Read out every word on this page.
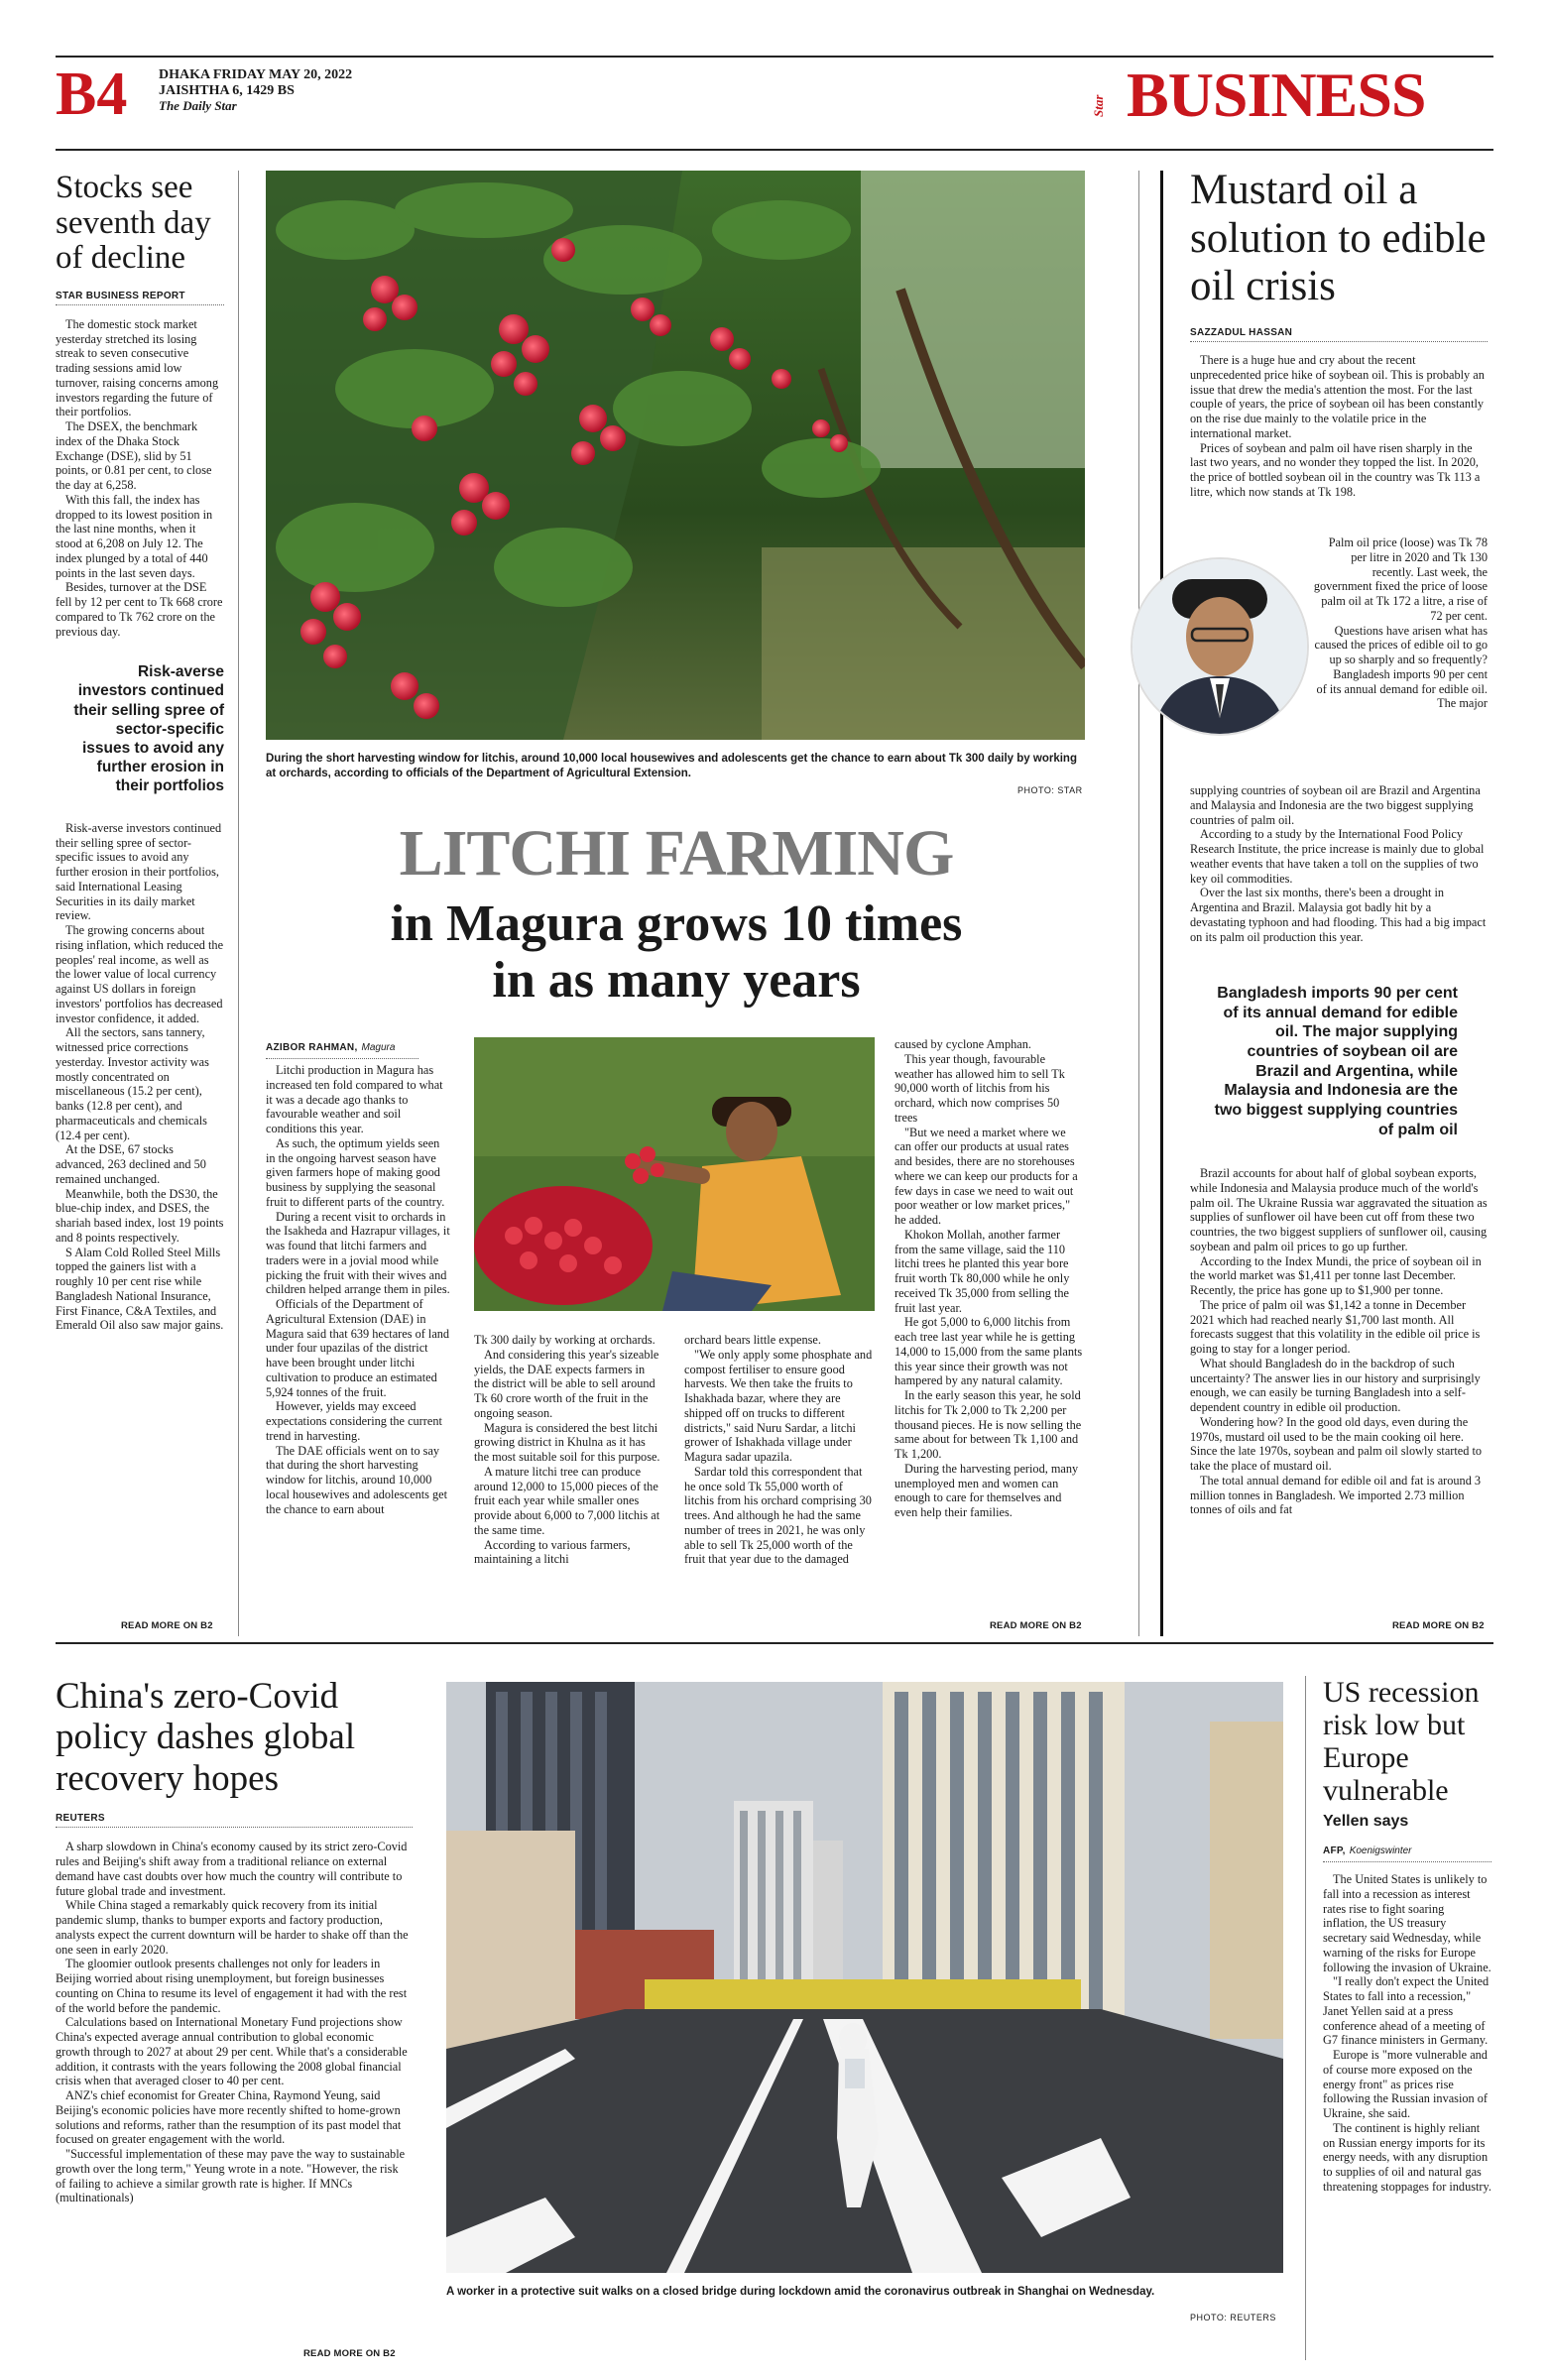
B4 DHAKA FRIDAY MAY 20, 2022
JAISHTHA 6, 1429 BS
The Daily Star	Star BUSINESS
Stocks see seventh day of decline
STAR BUSINESS REPORT

The domestic stock market yesterday stretched its losing streak to seven consecutive trading sessions amid low turnover, raising concerns among investors regarding the future of their portfolios.

The DSEX, the benchmark index of the Dhaka Stock Exchange (DSE), slid by 51 points, or 0.81 per cent, to close the day at 6,258.

With this fall, the index has dropped to its lowest position in the last nine months, when it stood at 6,208 on July 12. The index plunged by a total of 440 points in the last seven days.

Besides, turnover at the DSE fell by 12 per cent to Tk 668 crore compared to Tk 762 crore on the previous day.

Risk-averse investors continued their selling spree of sector-specific issues to avoid any further erosion in their portfolios

Risk-averse investors continued their selling spree of sector-specific issues to avoid any further erosion in their portfolios, said International Leasing Securities in its daily market review.

The growing concerns about rising inflation, which reduced the peoples' real income, as well as the lower value of local currency against US dollars in foreign investors' portfolios has decreased investor confidence, it added.

All the sectors, sans tannery, witnessed price corrections yesterday. Investor activity was mostly concentrated on miscellaneous (15.2 per cent), banks (12.8 per cent), and pharmaceuticals and chemicals (12.4 per cent).

At the DSE, 67 stocks advanced, 263 declined and 50 remained unchanged.

Meanwhile, both the DS30, the blue-chip index, and DSES, the shariah based index, lost 19 points and 8 points respectively.

S Alam Cold Rolled Steel Mills topped the gainers list with a roughly 10 per cent rise while Bangladesh National Insurance, First Finance, C&A Textiles, and Emerald Oil also saw major gains.

READ MORE ON B2
During the short harvesting window for litchis, around 10,000 local housewives and adolescents get the chance to earn about Tk 300 daily by working at orchards, according to officials of the Department of Agricultural Extension.
PHOTO: STAR
LITCHI FARMING
in Magura grows 10 times
in as many years
AZIBOR RAHMAN, Magura

Litchi production in Magura has increased ten fold compared to what it was a decade ago thanks to favourable weather and soil conditions this year.

As such, the optimum yields seen in the ongoing harvest season have given farmers hope of making good business by supplying the seasonal fruit to different parts of the country.

During a recent visit to orchards in the Isakheda and Hazrapur villages, it was found that litchi farmers and traders were in a jovial mood while picking the fruit with their wives and children helped arrange them in piles.

Officials of the Department of Agricultural Extension (DAE) in Magura said that 639 hectares of land under four upazilas of the district have been brought under litchi cultivation to produce an estimated 5,924 tonnes of the fruit.

However, yields may exceed expectations considering the current trend in harvesting.

The DAE officials went on to say that during the short harvesting window for litchis, around 10,000 local housewives and adolescents get the chance to earn about

Tk 300 daily by working at orchards.

And considering this year's sizeable yields, the DAE expects farmers in the district will be able to sell around Tk 60 crore worth of the fruit in the ongoing season.

Magura is considered the best litchi growing district in Khulna as it has the most suitable soil for this purpose.

A mature litchi tree can produce around 12,000 to 15,000 pieces of the fruit each year while smaller ones provide about 6,000 to 7,000 litchis at the same time.

According to various farmers, maintaining a litchi

orchard bears little expense.

"We only apply some phosphate and compost fertiliser to ensure good harvests. We then take the fruits to Ishakhada bazar, where they are shipped off on trucks to different districts," said Nuru Sardar, a litchi grower of Ishakhada village under Magura sadar upazila.

Sardar told this correspondent that he once sold Tk 55,000 worth of litchis from his orchard comprising 30 trees. And although he had the same number of trees in 2021, he was only able to sell Tk 25,000 worth of the fruit that year due to the damaged

caused by cyclone Amphan.

This year though, favourable weather has allowed him to sell Tk 90,000 worth of litchis from his orchard, which now comprises 50 trees

"But we need a market where we can offer our products at usual rates and besides, there are no storehouses where we can keep our products for a few days in case we need to wait out poor weather or low market prices," he added.

Khokon Mollah, another farmer from the same village, said the 110 litchi trees he planted this year bore fruit worth Tk 80,000 while he only received Tk 35,000 from selling the fruit last year.

He got 5,000 to 6,000 litchis from each tree last year while he is getting 14,000 to 15,000 from the same plants this year since their growth was not hampered by any natural calamity.

In the early season this year, he sold litchis for Tk 2,000 to Tk 2,200 per thousand pieces. He is now selling the same about for between Tk 1,100 and Tk 1,200.

During the harvesting period, many unemployed men and women can enough to care for themselves and even help their families.

READ MORE ON B2
Mustard oil a solution to edible oil crisis
SAZZADUL HASSAN

There is a huge hue and cry about the recent unprecedented price hike of soybean oil. This is probably an issue that drew the media's attention the most. For the last couple of years, the price of soybean oil has been constantly on the rise due mainly to the volatile price in the international market.

Prices of soybean and palm oil have risen sharply in the last two years, and no wonder they topped the list. In 2020, the price of bottled soybean oil in the country was Tk 113 a litre, which now stands at Tk 198.

Palm oil price (loose) was Tk 78 per litre in 2020 and Tk 130 recently. Last week, the government fixed the price of loose palm oil at Tk 172 a litre, a rise of 72 per cent.

Questions have arisen what has caused the prices of edible oil to go up so sharply and so frequently?

Bangladesh imports 90 per cent of its annual demand for edible oil. The major

supplying countries of soybean oil are Brazil and Argentina and Malaysia and Indonesia are the two biggest supplying countries of palm oil.

According to a study by the International Food Policy Research Institute, the price increase is mainly due to global weather events that have taken a toll on the supplies of two key oil commodities.

Over the last six months, there's been a drought in Argentina and Brazil. Malaysia got badly hit by a devastating typhoon and had flooding. This had a big impact on its palm oil production this year.

Bangladesh imports 90 per cent of its annual demand for edible oil. The major supplying countries of soybean oil are Brazil and Argentina, while Malaysia and Indonesia are the two biggest supplying countries of palm oil

Brazil accounts for about half of global soybean exports, while Indonesia and Malaysia produce much of the world's palm oil. The Ukraine Russia war aggravated the situation as supplies of sunflower oil have been cut off from these two countries, the two biggest suppliers of sunflower oil, causing soybean and palm oil prices to go up further.

According to the Index Mundi, the price of soybean oil in the world market was $1,411 per tonne last December. Recently, the price has gone up to $1,900 per tonne.

The price of palm oil was $1,142 a tonne in December 2021 which had reached nearly $1,700 last month. All forecasts suggest that this volatility in the edible oil price is going to stay for a longer period.

What should Bangladesh do in the backdrop of such uncertainty? The answer lies in our history and surprisingly enough, we can easily be turning Bangladesh into a self-dependent country in edible oil production.

Wondering how? In the good old days, even during the 1970s, mustard oil used to be the main cooking oil here. Since the late 1970s, soybean and palm oil slowly started to take the place of mustard oil.

The total annual demand for edible oil and fat is around 3 million tonnes in Bangladesh. We imported 2.73 million tonnes of oils and fat

READ MORE ON B2
China's zero-Covid policy dashes global recovery hopes
REUTERS

A sharp slowdown in China's economy caused by its strict zero-Covid rules and Beijing's shift away from a traditional reliance on external demand have cast doubts over how much the country will contribute to future global trade and investment.

While China staged a remarkably quick recovery from its initial pandemic slump, thanks to bumper exports and factory production, analysts expect the current downturn will be harder to shake off than the one seen in early 2020.

The gloomier outlook presents challenges not only for leaders in Beijing worried about rising unemployment, but foreign businesses counting on China to resume its level of engagement it had with the rest of the world before the pandemic.

Calculations based on International Monetary Fund projections show China's expected average annual contribution to global economic growth through to 2027 at about 29 per cent. While that's a considerable addition, it contrasts with the years following the 2008 global financial crisis when that averaged closer to 40 per cent.

ANZ's chief economist for Greater China, Raymond Yeung, said Beijing's economic policies have more recently shifted to home-grown solutions and reforms, rather than the resumption of its past model that focused on greater engagement with the world.

"Successful implementation of these may pave the way to sustainable growth over the long term," Yeung wrote in a note. "However, the risk of failing to achieve a similar growth rate is higher. If MNCs (multinationals)

READ MORE ON B2
A worker in a protective suit walks on a closed bridge during lockdown amid the coronavirus outbreak in Shanghai on Wednesday.
PHOTO: REUTERS
US recession risk low but Europe vulnerable
Yellen says
AFP, Koenigswinter

The United States is unlikely to fall into a recession as interest rates rise to fight soaring inflation, the US treasury secretary said Wednesday, while warning of the risks for Europe following the invasion of Ukraine.

"I really don't expect the United States to fall into a recession," Janet Yellen said at a press conference ahead of a meeting of G7 finance ministers in Germany.

Europe is "more vulnerable and of course more exposed on the energy front" as prices rise following the Russian invasion of Ukraine, she said.

The continent is highly reliant on Russian energy imports for its energy needs, with any disruption to supplies of oil and natural gas threatening stoppages for industry.
